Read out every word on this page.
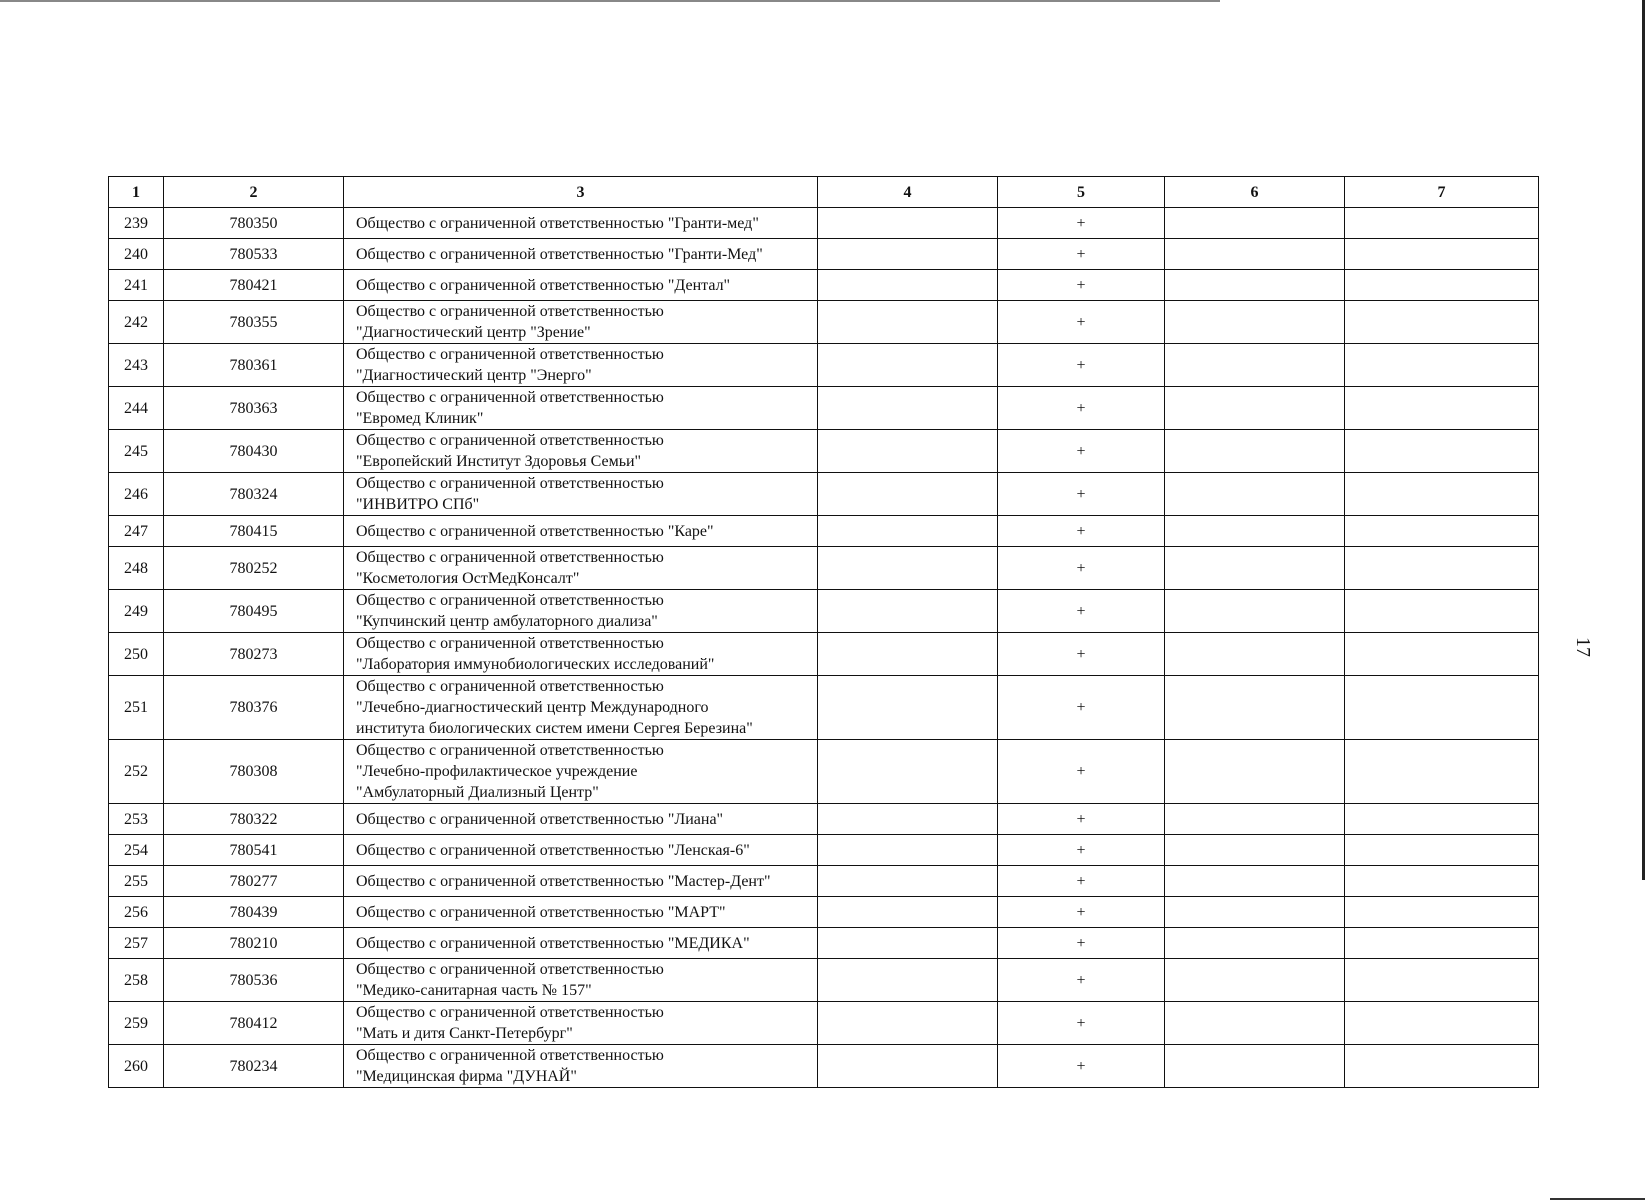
17
1	2	3	4	5	6	7
239	780350	Общество с ограниченной ответственностью "Гранти-мед"		+		
240	780533	Общество с ограниченной ответственностью "Гранти-Мед"		+		
241	780421	Общество с ограниченной ответственностью "Дентал"		+		
242	780355	Общество с ограниченной ответственностью
"Диагностический центр "Зрение"		+		
243	780361	Общество с ограниченной ответственностью
"Диагностический центр "Энерго"		+		
244	780363	Общество с ограниченной ответственностью
"Евромед Клиник"		+		
245	780430	Общество с ограниченной ответственностью
"Европейский Институт Здоровья Семьи"		+		
246	780324	Общество с ограниченной ответственностью
"ИНВИТРО СПб"		+		
247	780415	Общество с ограниченной ответственностью "Каре"		+		
248	780252	Общество с ограниченной ответственностью
"Косметология ОстМедКонсалт"		+		
249	780495	Общество с ограниченной ответственностью
"Купчинский центр амбулаторного диализа"		+		
250	780273	Общество с ограниченной ответственностью
"Лаборатория иммунобиологических исследований"		+		
251	780376	Общество с ограниченной ответственностью
"Лечебно-диагностический центр Международного
института биологических систем имени Сергея Березина"		+		
252	780308	Общество с ограниченной ответственностью
"Лечебно-профилактическое учреждение
"Амбулаторный Диализный Центр"		+		
253	780322	Общество с ограниченной ответственностью "Лиана"		+		
254	780541	Общество с ограниченной ответственностью "Ленская-6"		+		
255	780277	Общество с ограниченной ответственностью "Мастер-Дент"		+		
256	780439	Общество с ограниченной ответственностью "МАРТ"		+		
257	780210	Общество с ограниченной ответственностью "МЕДИКА"		+		
258	780536	Общество с ограниченной ответственностью
"Медико-санитарная часть № 157"		+		
259	780412	Общество с ограниченной ответственностью
"Мать и дитя Санкт-Петербург"		+		
260	780234	Общество с ограниченной ответственностью
"Медицинская фирма "ДУНАЙ"		+		
